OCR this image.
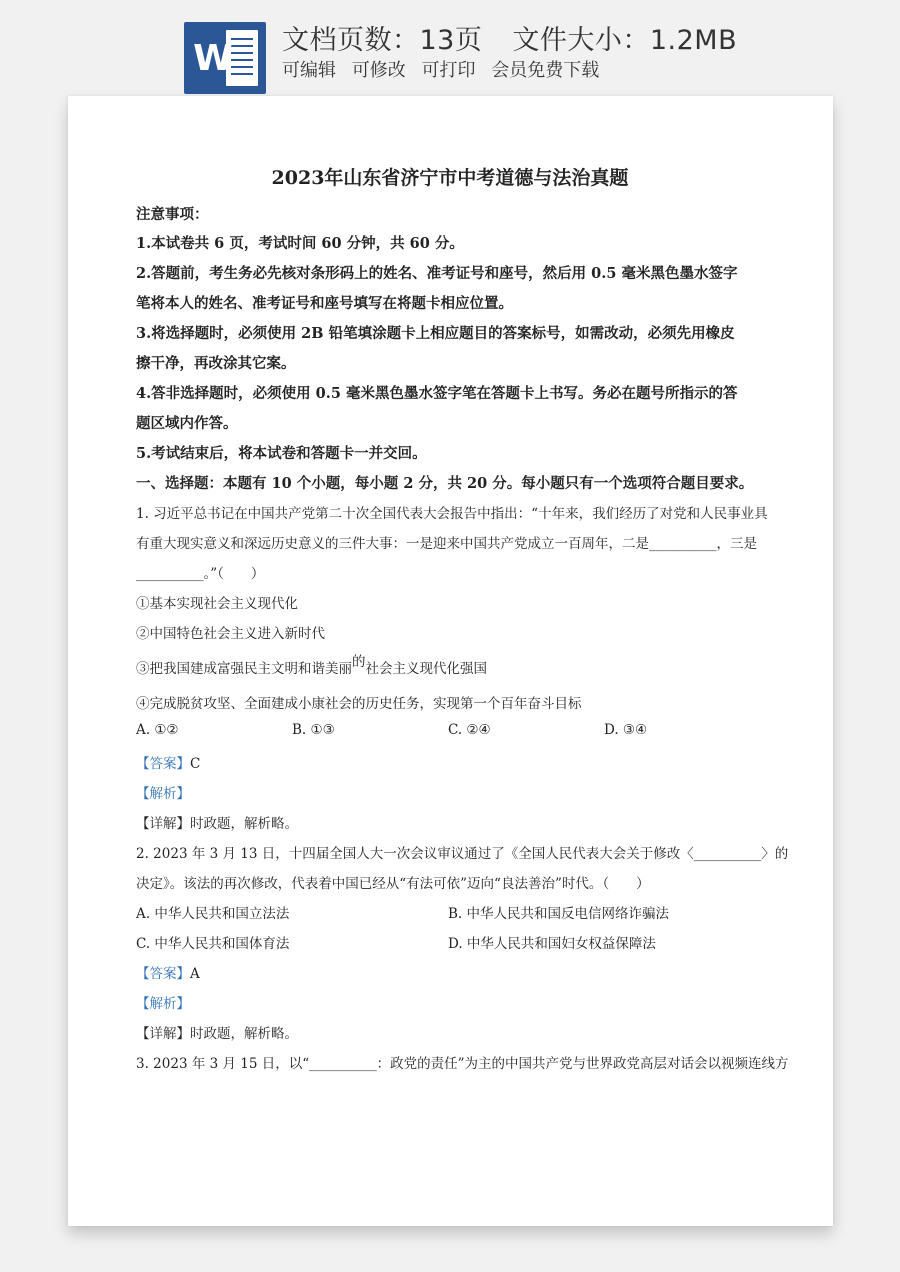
W 文档页数：13页 文件大小：1.2MB
可编辑 可修改 可打印 会员免费下载
2023年山东省济宁市中考道德与法治真题
注意事项：
1.本试卷共 6 页，考试时间 60 分钟，共 60 分。
2.答题前，考生务必先核对条形码上的姓名、准考证号和座号，然后用 0.5 毫米黑色墨水签字
笔将本人的姓名、准考证号和座号填写在将题卡相应位置。
3.将选择题时，必须使用 2B 铅笔填涂题卡上相应题目的答案标号，如需改动，必须先用橡皮
擦干净，再改涂其它案。
4.答非选择题时，必须使用 0.5 毫米黑色墨水签字笔在答题卡上书写。务必在题号所指示的答
题区域内作答。
5.考试结束后，将本试卷和答题卡一并交回。
一、选择题：本题有 10 个小题，每小题 2 分，共 20 分。每小题只有一个选项符合题目要求。
1. 习近平总书记在中国共产党第二十次全国代表大会报告中指出：“十年来，我们经历了对党和人民事业具
有重大现实意义和深远历史意义的三件大事：一是迎来中国共产党成立一百周年，二是__________，三是
__________。”（　　）
①基本实现社会主义现代化
②中国特色社会主义进入新时代
③把我国建成富强民主文明和谐美丽的社会主义现代化强国
④完成脱贫攻坚、全面建成小康社会的历史任务，实现第一个百年奋斗目标
A. ①②	B. ①③	C. ②④	D. ③④
【答案】C
【解析】
【详解】时政题，解析略。
2. 2023 年 3 月 13 日，十四届全国人大一次会议审议通过了《全国人民代表大会关于修改〈__________〉的
决定》。该法的再次修改，代表着中国已经从“有法可依”迈向“良法善治”时代。（　　）
A. 中华人民共和国立法法	B. 中华人民共和国反电信网络诈骗法
C. 中华人民共和国体育法	D. 中华人民共和国妇女权益保障法
【答案】A
【解析】
【详解】时政题，解析略。
3. 2023 年 3 月 15 日，以“__________：政党的责任”为主的中国共产党与世界政党高层对话会以视频连线方
